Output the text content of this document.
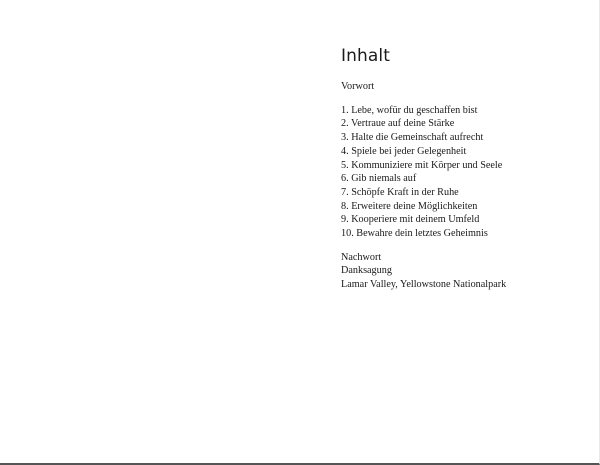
Inhalt
Vorwort
1. Lebe, wofür du geschaffen bist
2. Vertraue auf deine Stärke
3. Halte die Gemeinschaft aufrecht
4. Spiele bei jeder Gelegenheit
5. Kommuniziere mit Körper und Seele
6. Gib niemals auf
7. Schöpfe Kraft in der Ruhe
8. Erweitere deine Möglichkeiten
9. Kooperiere mit deinem Umfeld
10. Bewahre dein letztes Geheimnis
Nachwort
Danksagung
Lamar Valley, Yellowstone Nationalpark
